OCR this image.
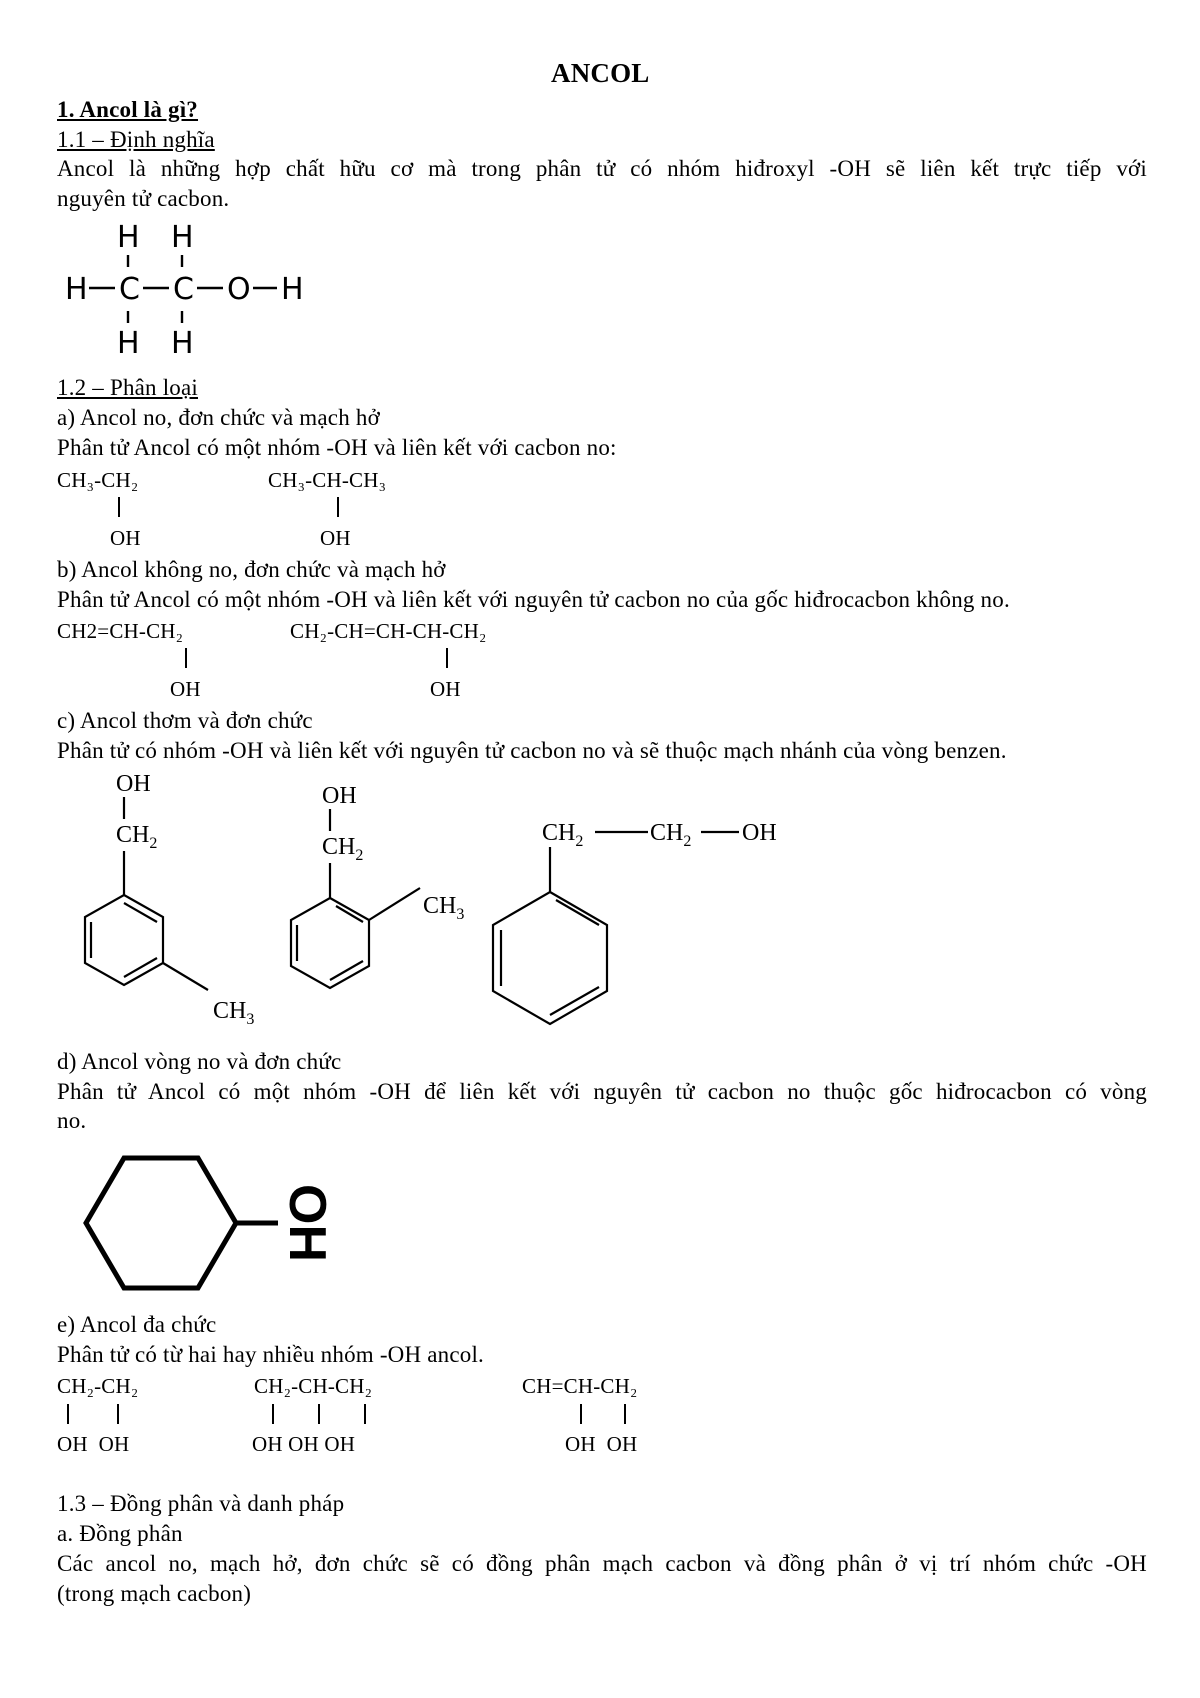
ANCOL
1. Ancol là gì?
1.1 – Định nghĩa
Ancol là những hợp chất hữu cơ mà trong phân tử có nhóm hiđroxyl -OH sẽ liên kết trực tiếp với
nguyên tử cacbon.
H H
H C C O H
H H
1.2 – Phân loại
a) Ancol no, đơn chức và mạch hở
Phân tử Ancol có một nhóm -OH và liên kết với cacbon no:
CH₃-CH₂
OH
CH₃-CH-CH₃
OH
b) Ancol không no, đơn chức và mạch hở
Phân tử Ancol có một nhóm -OH và liên kết với nguyên tử cacbon no của gốc hiđrocacbon không no.
CH2=CH-CH₂
OH
CH₂-CH=CH-CH-CH₂
OH
c) Ancol thơm và đơn chức
Phân tử có nhóm -OH và liên kết với nguyên tử cacbon no và sẽ thuộc mạch nhánh của vòng benzen.
OH
$CH_2$
$CH_3$
OH
$CH_2$
$CH_3$
$CH_2$	$CH_2$ OH
d) Ancol vòng no và đơn chức
Phân tử Ancol có một nhóm -OH để liên kết với nguyên tử cacbon no thuộc gốc hiđrocacbon có vòng
no.
OH
e) Ancol đa chức
Phân tử có từ hai hay nhiều nhóm -OH ancol.
CH₂-CH₂
OH  OH
CH₂-CH-CH₂
OH OH OH
CH=CH-CH₂
OH  OH
1.3 – Đồng phân và danh pháp
a. Đồng phân
Các ancol no, mạch hở, đơn chức sẽ có đồng phân mạch cacbon và đồng phân ở vị trí nhóm chức -OH
(trong mạch cacbon)
